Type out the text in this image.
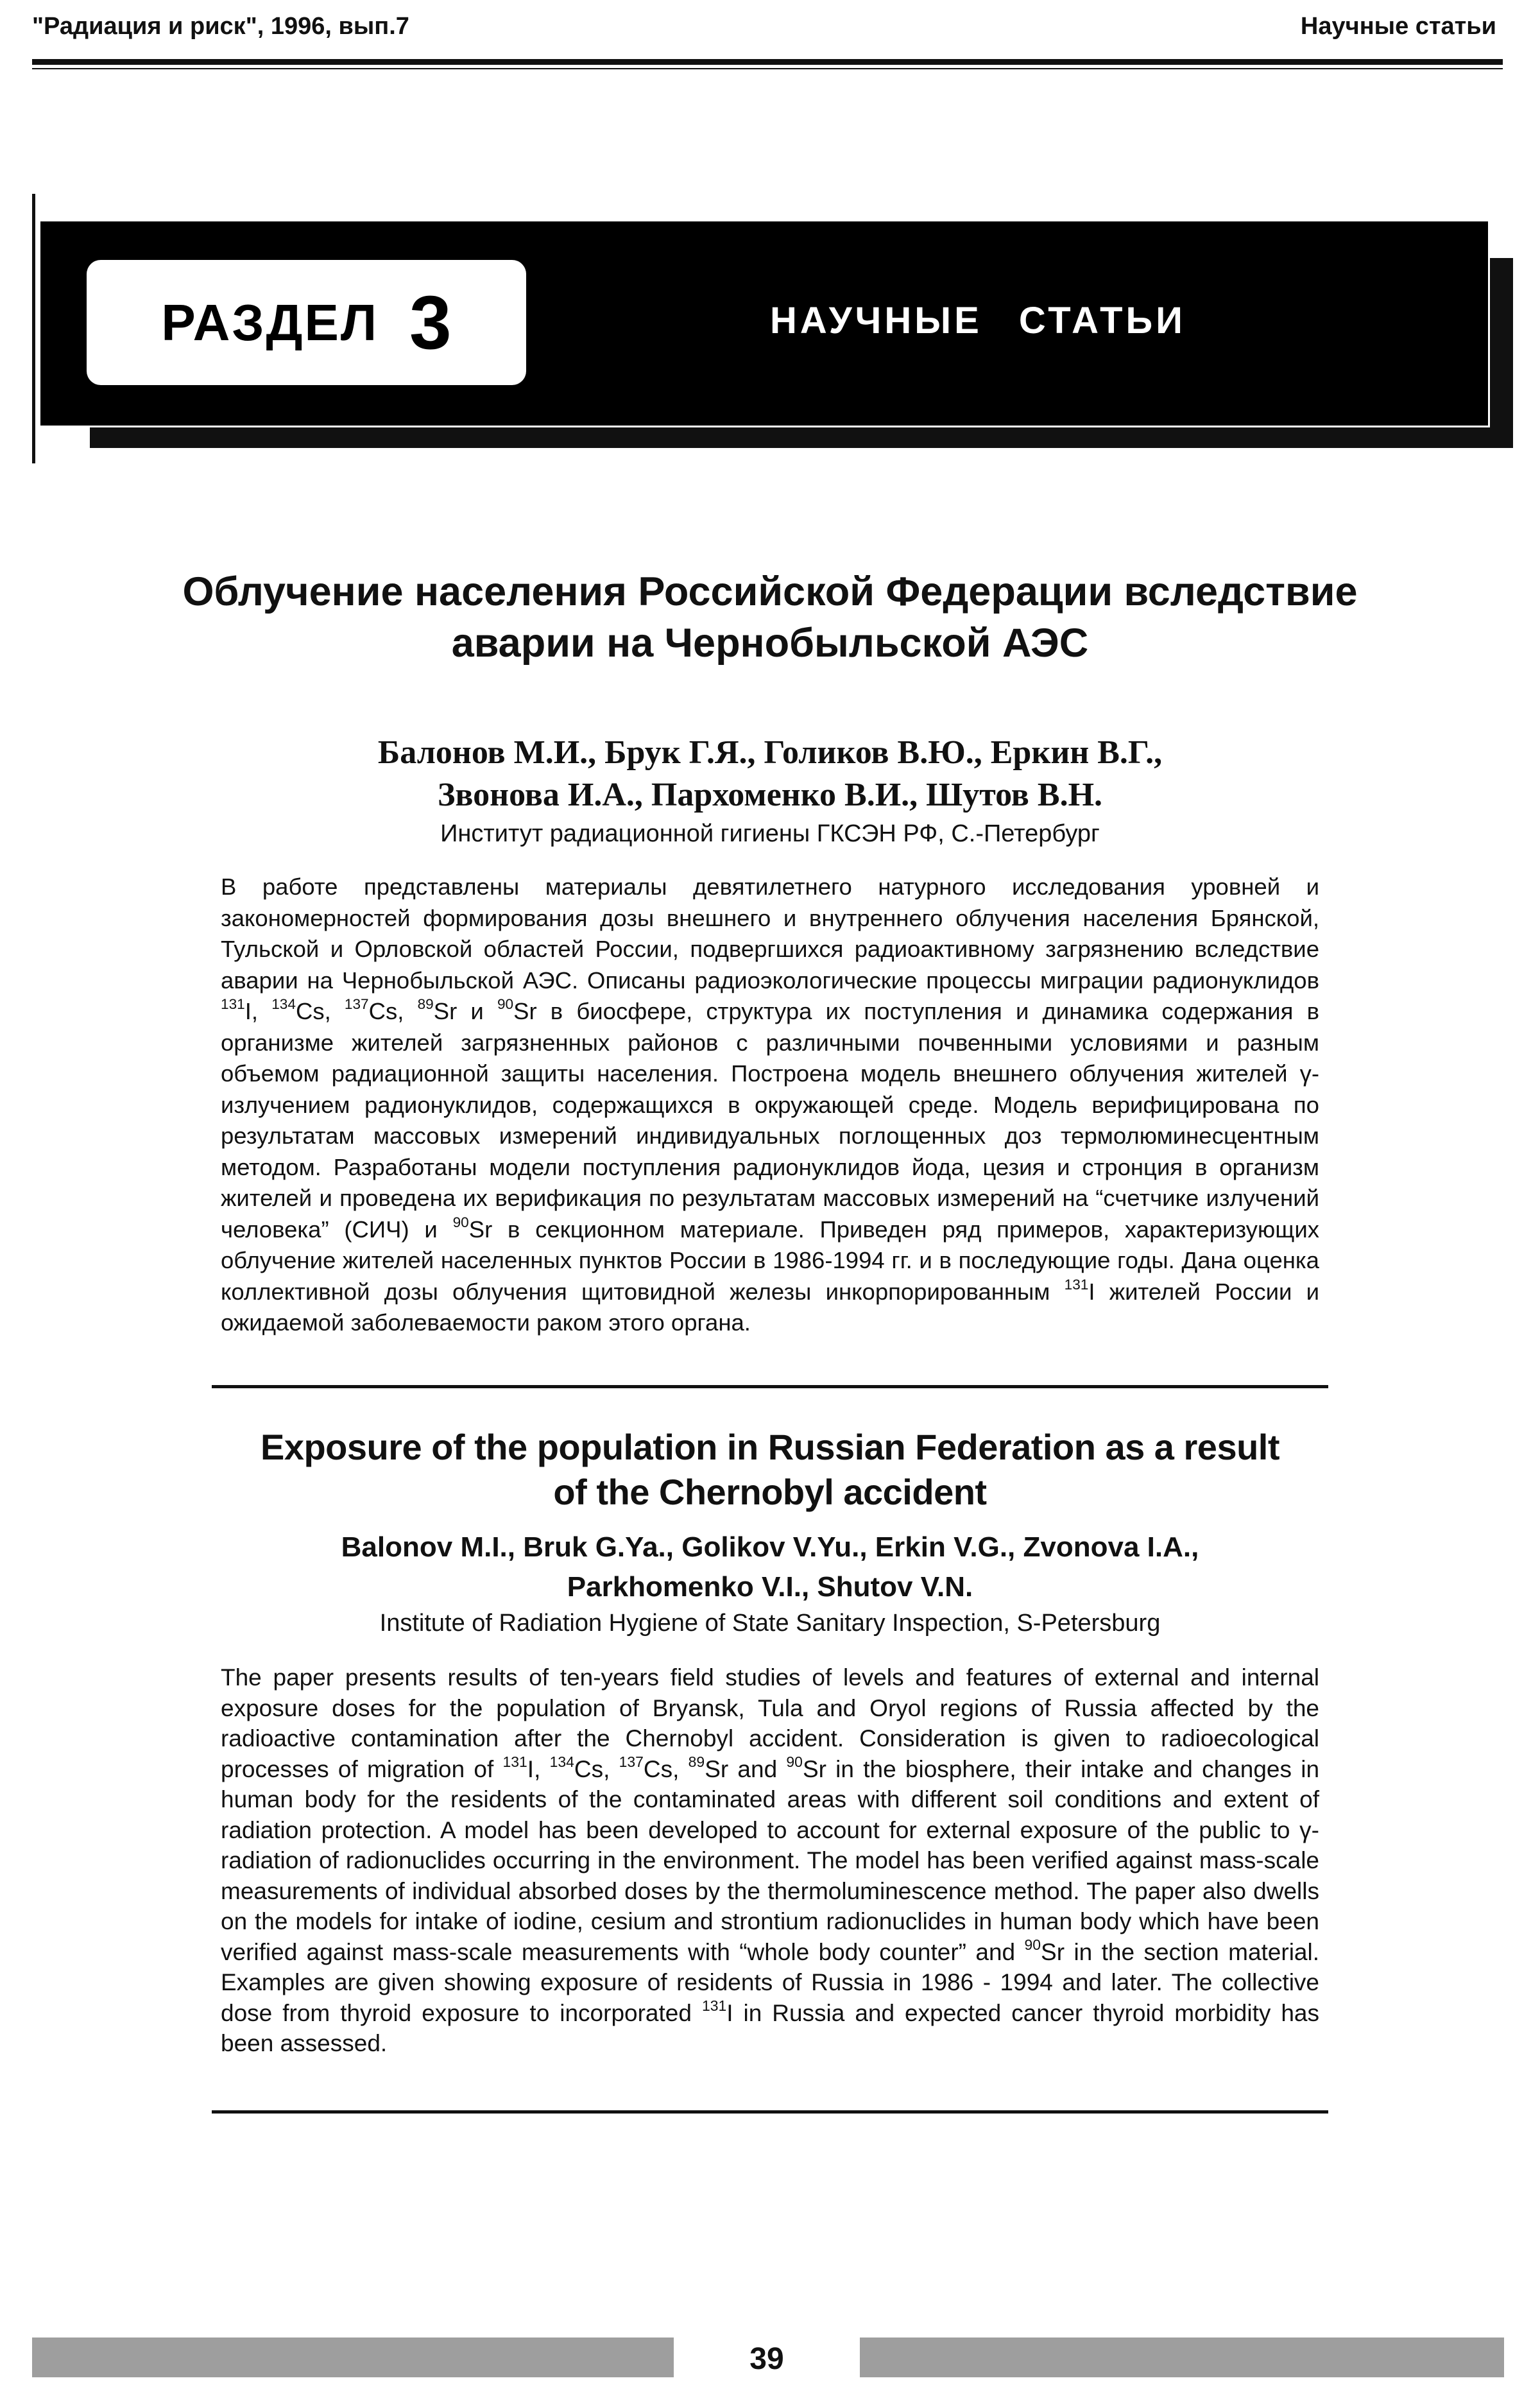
"Радиация и риск", 1996, вып.7	Научные статьи
РАЗДЕЛ 3	НАУЧНЫЕ СТАТЬИ
Облучение населения Российской Федерации вследствие
аварии на Чернобыльской АЭС
Балонов М.И., Брук Г.Я., Голиков В.Ю., Еркин В.Г.,
Звонова И.А., Пархоменко В.И., Шутов В.Н.
Институт радиационной гигиены ГКСЭН РФ, С.-Петербург

В работе представлены материалы девятилетнего натурного исследования уровней и закономерностей формирования дозы внешнего и внутреннего облучения населения Брянской, Тульской и Орловской областей России, подвергшихся радиоактивному загрязнению вследствие аварии на Чернобыльской АЭС. Описаны радиоэкологические процессы миграции радионуклидов $^{131}$I, $^{134}$Cs, $^{137}$Cs, $^{89}$Sr и $^{90}$Sr в биосфере, структура их поступления и динамика содержания в организме жителей загрязненных районов с различными почвенными условиями и разным объемом радиационной защиты населения. Построена модель внешнего облучения жителей γ-излучением радионуклидов, содержащихся в окружающей среде. Модель верифицирована по результатам массовых измерений индивидуальных поглощенных доз термолюминесцентным методом. Разработаны модели поступления радионуклидов йода, цезия и стронция в организм жителей и проведена их верификация по результатам массовых измерений на “счетчике излучений человека” (СИЧ) и $^{90}$Sr в секционном материале. Приведен ряд примеров, характеризующих облучение жителей населенных пунктов России в 1986-1994 гг. и в последующие годы. Дана оценка коллективной дозы облучения щитовидной железы инкорпорированным $^{131}$I жителей России и ожидаемой заболеваемости раком этого органа.

Exposure of the population in Russian Federation as a result
of the Chernobyl accident
Balonov M.I., Bruk G.Ya., Golikov V.Yu., Erkin V.G., Zvonova I.A.,
Parkhomenko V.I., Shutov V.N.
Institute of Radiation Hygiene of State Sanitary Inspection, S-Petersburg

The paper presents results of ten-years field studies of levels and features of external and internal exposure doses for the population of Bryansk, Tula and Oryol regions of Russia affected by the radioactive contamination after the Chernobyl accident. Consideration is given to radioecological processes of migration of $^{131}$I, $^{134}$Cs, $^{137}$Cs, $^{89}$Sr and $^{90}$Sr in the biosphere, their intake and changes in human body for the residents of the contaminated areas with different soil conditions and extent of radiation protection. A model has been developed to account for external exposure of the public to γ-radiation of radionuclides occurring in the environment. The model has been verified against mass-scale measurements of individual absorbed doses by the thermoluminescence method. The paper also dwells on the models for intake of iodine, cesium and strontium radionuclides in human body which have been verified against mass-scale measurements with “whole body counter” and $^{90}$Sr in the section material. Examples are given showing exposure of residents of Russia in 1986 - 1994 and later. The collective dose from thyroid exposure to incorporated $^{131}$I in Russia and expected cancer thyroid morbidity has been assessed.

39
